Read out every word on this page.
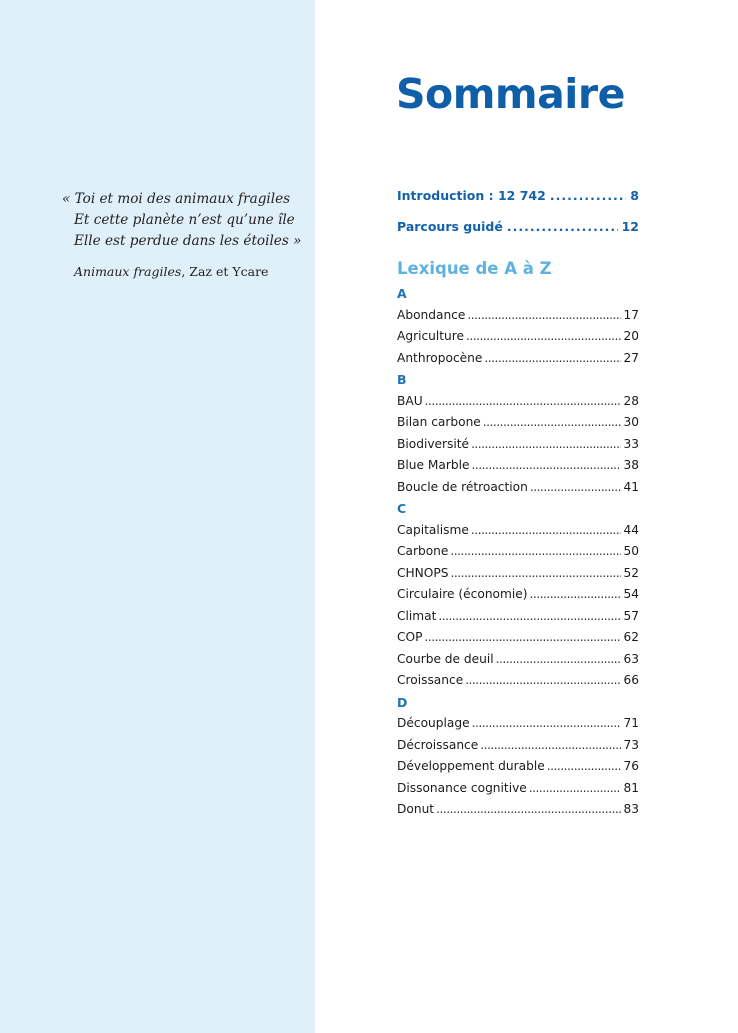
« Toi et moi des animaux fragiles
Et cette planète n’est qu’une île
Elle est perdue dans les étoiles »
Animaux fragiles, Zaz et Ycare
Sommaire
Introduction : 12 742 .....	8
Parcours guidé .....	12
Lexique de A à Z
A
Abondance .....	17
Agriculture .....	20
Anthropocène .....	27
B
BAU .....	28
Bilan carbone .....	30
Biodiversité .....	33
Blue Marble .....	38
Boucle de rétroaction .....	41
C
Capitalisme .....	44
Carbone .....	50
CHNOPS .....	52
Circulaire (économie) .....	54
Climat .....	57
COP .....	62
Courbe de deuil .....	63
Croissance .....	66
D
Découplage .....	71
Décroissance .....	73
Développement durable .....	76
Dissonance cognitive .....	81
Donut .....	83
